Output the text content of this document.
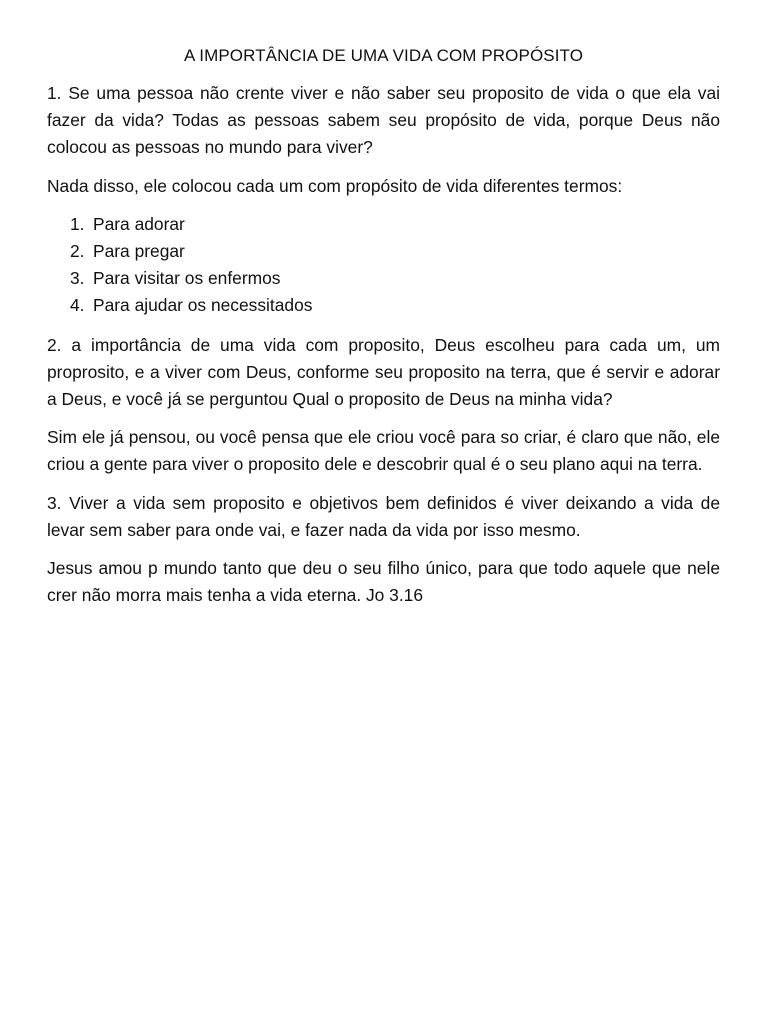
A IMPORTÂNCIA DE UMA VIDA COM PROPÓSITO

1. Se uma pessoa não crente viver e não saber seu proposito de vida o que ela vai fazer da vida? Todas as pessoas sabem seu propósito de vida, porque Deus não colocou as pessoas no mundo para viver?

Nada disso, ele colocou cada um com propósito de vida diferentes termos:

1. Para adorar
2. Para pregar
3. Para visitar os enfermos
4. Para ajudar os necessitados

2. a importância de uma vida com proposito, Deus escolheu para cada um, um proprosito, e a viver com Deus, conforme seu proposito na terra, que é servir e adorar a Deus, e você já se perguntou Qual o proposito de Deus na minha vida?

Sim ele já pensou, ou você pensa que ele criou você para so criar, é claro que não, ele criou a gente para viver o proposito dele e descobrir qual é o seu plano aqui na terra.

3. Viver a vida sem proposito e objetivos bem definidos é viver deixando a vida de levar sem saber para onde vai, e fazer nada da vida por isso mesmo.

Jesus amou p mundo tanto que deu o seu filho único, para que todo aquele que nele crer não morra mais tenha a vida eterna. Jo 3.16
